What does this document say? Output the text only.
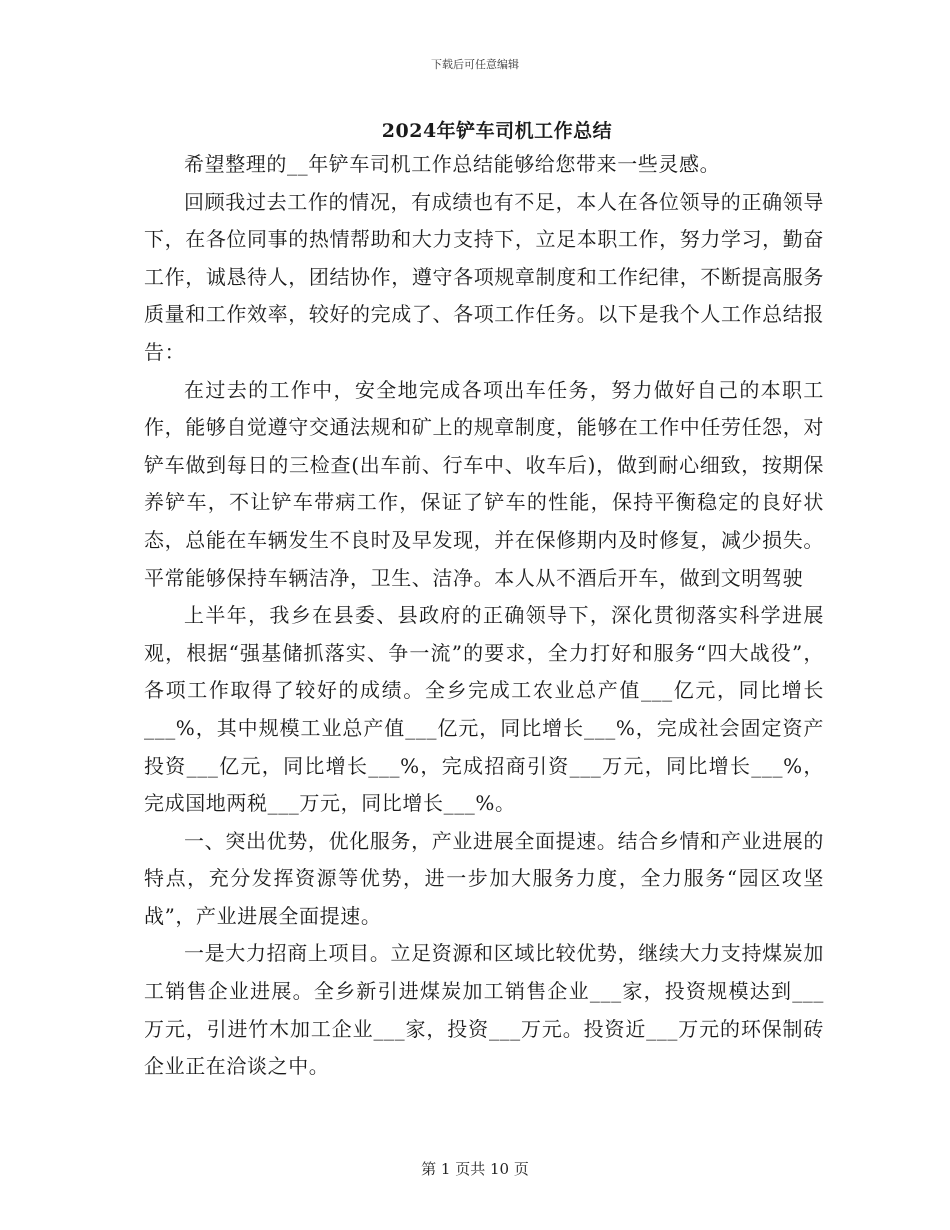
下载后可任意编辑
2024年铲车司机工作总结

希望整理的__年铲车司机工作总结能够给您带来一些灵感。

回顾我过去工作的情况，有成绩也有不足，本人在各位领导的正确领导下，在各位同事的热情帮助和大力支持下，立足本职工作，努力学习，勤奋工作，诚恳待人，团结协作，遵守各项规章制度和工作纪律，不断提高服务质量和工作效率，较好的完成了、各项工作任务。以下是我个人工作总结报告：

在过去的工作中，安全地完成各项出车任务，努力做好自己的本职工作，能够自觉遵守交通法规和矿上的规章制度，能够在工作中任劳任怨，对铲车做到每日的三检查(出车前、行车中、收车后)，做到耐心细致，按期保养铲车，不让铲车带病工作，保证了铲车的性能，保持平衡稳定的良好状态，总能在车辆发生不良时及早发现，并在保修期内及时修复，减少损失。平常能够保持车辆洁净，卫生、洁净。本人从不酒后开车，做到文明驾驶

上半年，我乡在县委、县政府的正确领导下，深化贯彻落实科学进展观，根据“强基储抓落实、争一流”的要求，全力打好和服务“四大战役”，各项工作取得了较好的成绩。全乡完成工农业总产值___亿元，同比增长___%，其中规模工业总产值___亿元，同比增长___%，完成社会固定资产投资___亿元，同比增长___%，完成招商引资___万元，同比增长___%，完成国地两税___万元，同比增长___%。

一、突出优势，优化服务，产业进展全面提速。结合乡情和产业进展的特点，充分发挥资源等优势，进一步加大服务力度，全力服务“园区攻坚战”，产业进展全面提速。

一是大力招商上项目。立足资源和区域比较优势，继续大力支持煤炭加工销售企业进展。全乡新引进煤炭加工销售企业___家，投资规模达到___万元，引进竹木加工企业___家，投资___万元。投资近___万元的环保制砖企业正在洽谈之中。

第 1 页共 10 页
